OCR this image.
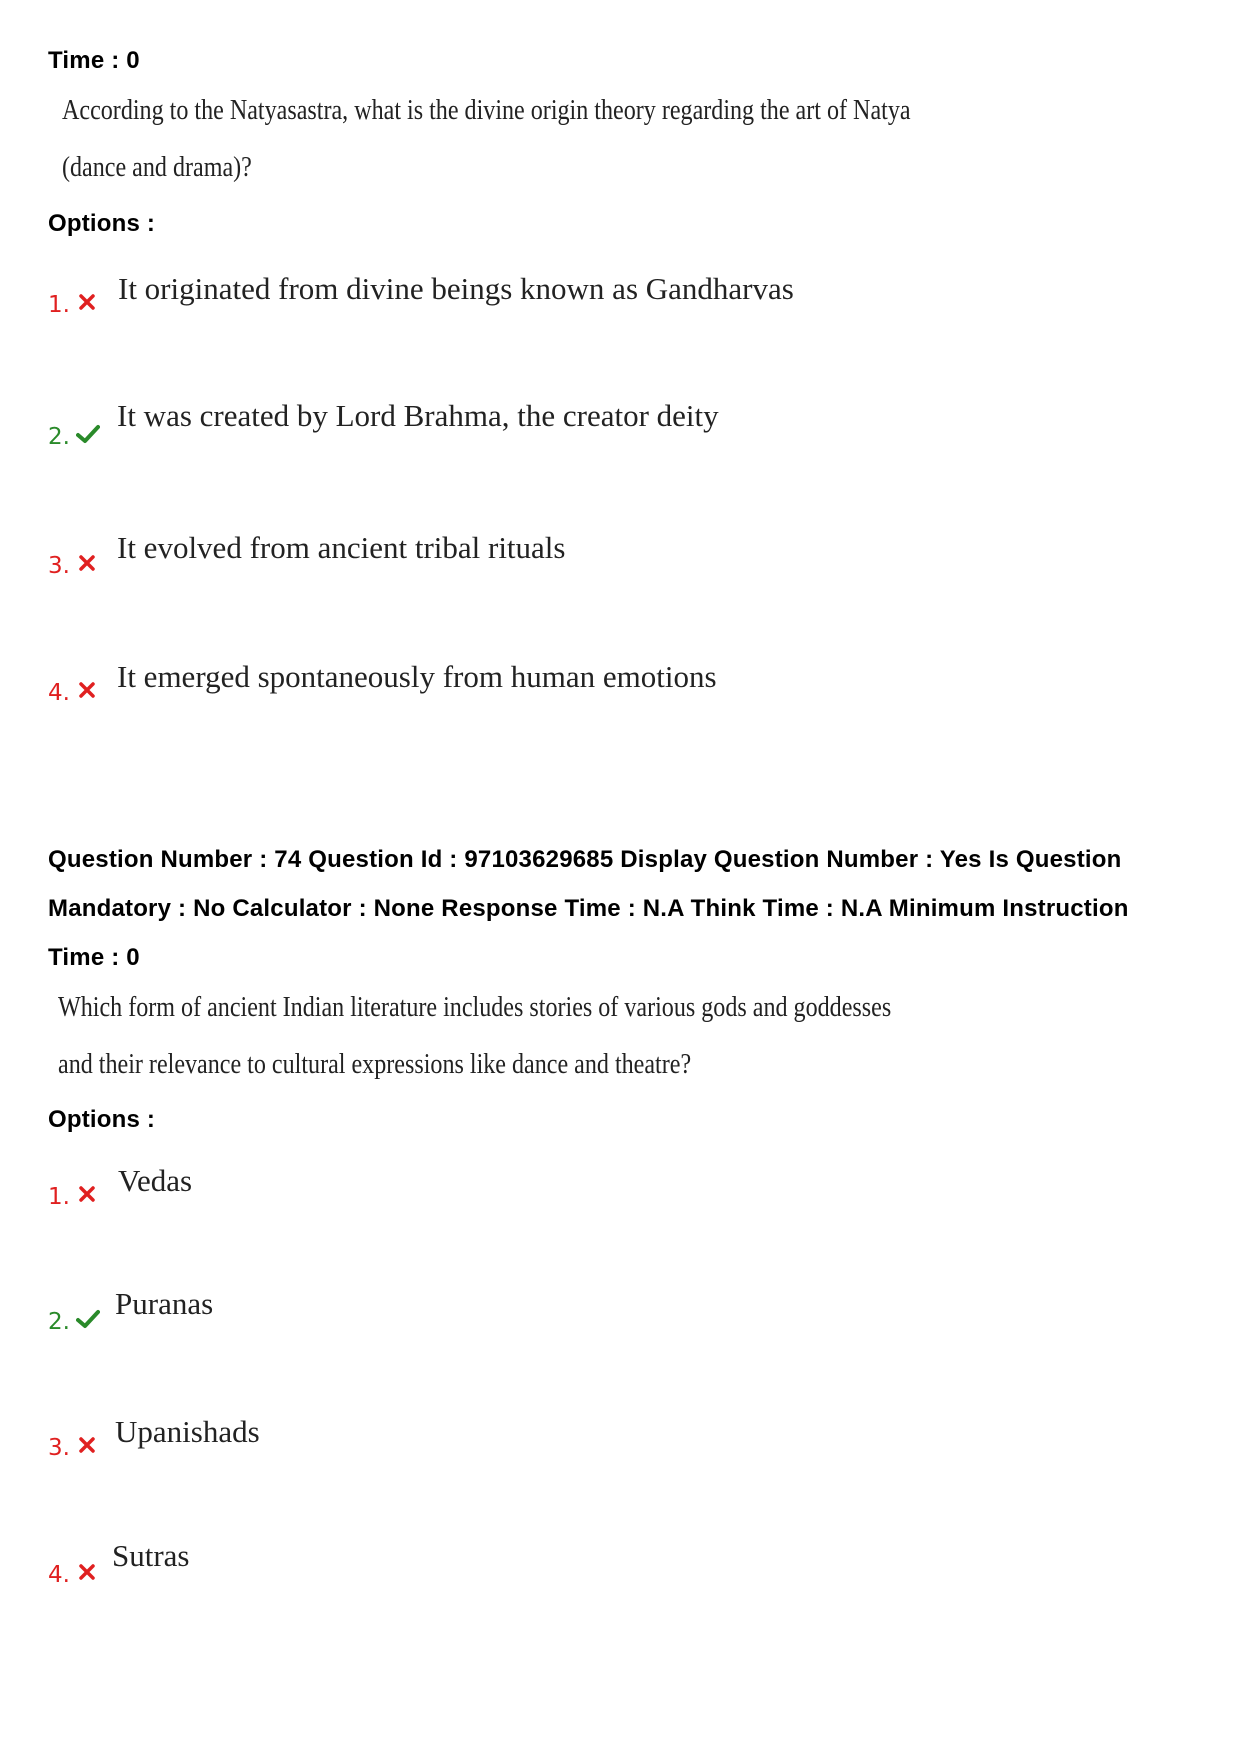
Time : 0
According to the Natyasastra, what is the divine origin theory regarding the art of Natya
(dance and drama)?
Options :
1. It originated from divine beings known as Gandharvas
2.
It was created by Lord Brahma, the creator deity
3.
It evolved from ancient tribal rituals
4. It emerged spontaneously from human emotions
Question Number : 74 Question Id : 97103629685 Display Question Number : Yes Is Question
Mandatory : No Calculator : None Response Time : N.A Think Time : N.A Minimum Instruction
Time : 0
Which form of ancient Indian literature includes stories of various gods and goddesses
and their relevance to cultural expressions like dance and theatre?
Options :
1. Vedas
2.
Puranas
3. Upanishads
4.
Sutras
